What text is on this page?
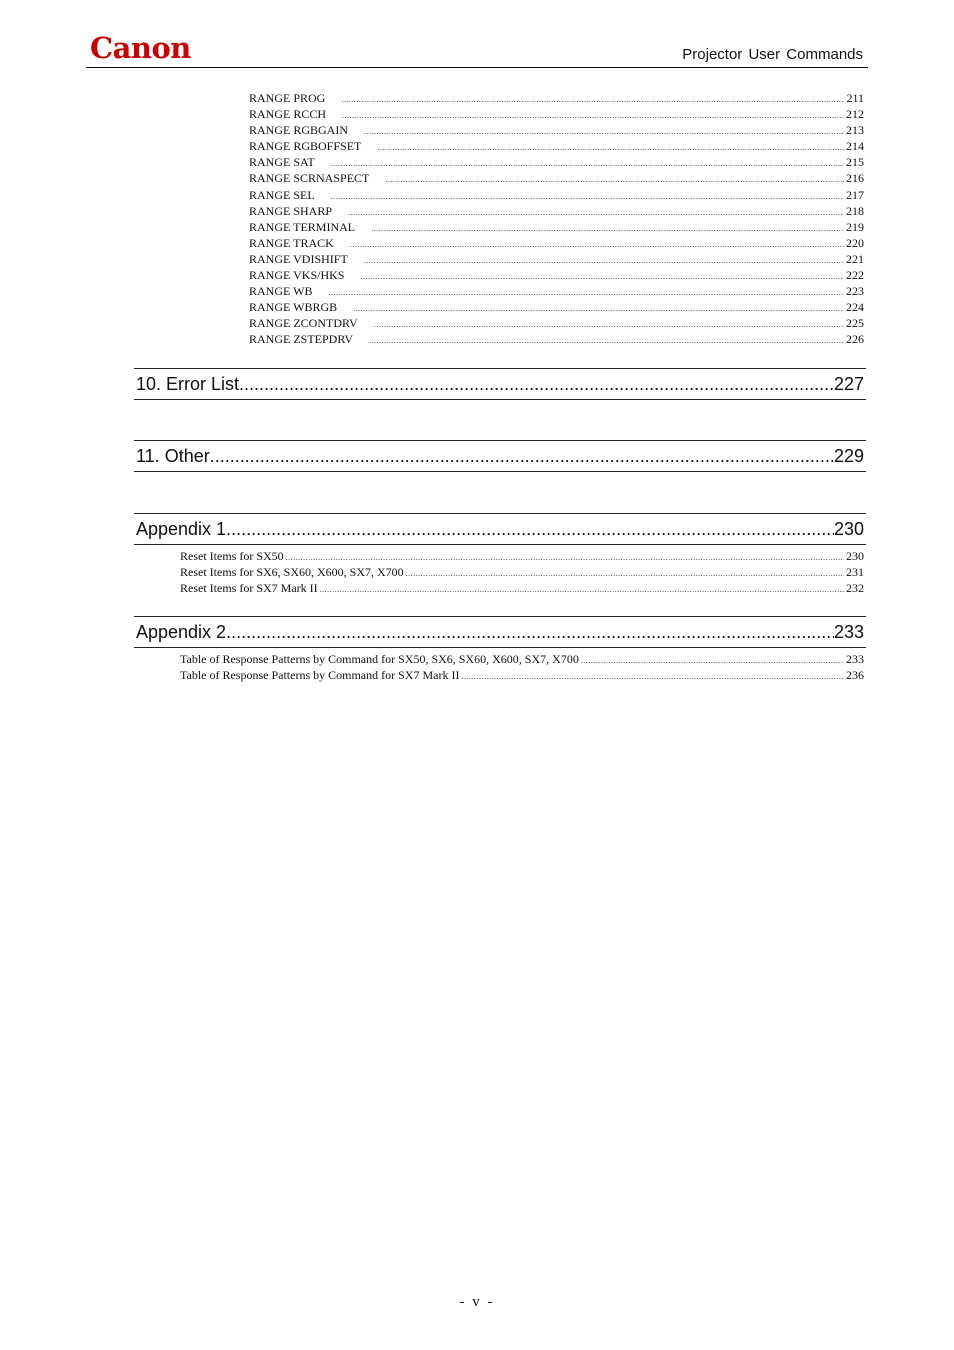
Canon	Projector User Commands
RANGE PROG .....	211
RANGE RCCH .....	212
RANGE RGBGAIN .....	213
RANGE RGBOFFSET .....	214
RANGE SAT .....	215
RANGE SCRNASPECT .....	216
RANGE SEL .....	217
RANGE SHARP .....	218
RANGE TERMINAL .....	219
RANGE TRACK .....	220
RANGE VDISHIFT .....	221
RANGE VKS/HKS .....	222
RANGE WB .....	223
RANGE WBRGB .....	224
RANGE ZCONTDRV .....	225
RANGE ZSTEPDRV .....	226
10. Error List .....	227
11. Other .....	229
Appendix 1 .....	230
Reset Items for SX50 .....	230
Reset Items for SX6, SX60, X600, SX7, X700 .....	231
Reset Items for SX7 Mark II .....	232
Appendix 2 .....	233
Table of Response Patterns by Command for SX50, SX6, SX60, X600, SX7, X700 .....	233
Table of Response Patterns by Command for SX7 Mark II .....	236
- v -
